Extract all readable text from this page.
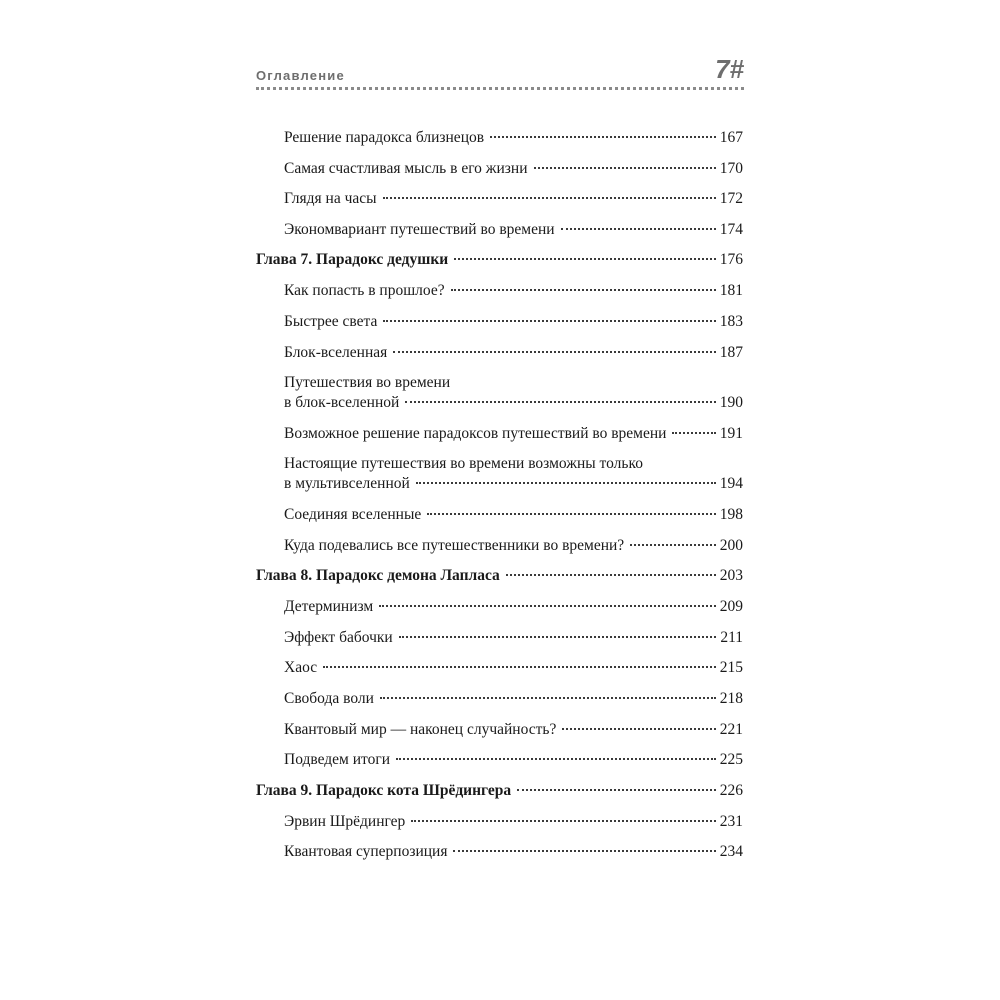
Оглавление	7#
Решение парадокса близнецов	167
Самая счастливая мысль в его жизни	170
Глядя на часы	172
Экономвариант путешествий во времени	174
Глава 7. Парадокс дедушки	176
Как попасть в прошлое?	181
Быстрее света	183
Блок-вселенная	187
Путешествия во времени
в блок-вселенной	190
Возможное решение парадоксов путешествий во времени	191
Настоящие путешествия во времени возможны только
в мультивселенной	194
Соединяя вселенные	198
Куда подевались все путешественники во времени?	200
Глава 8. Парадокс демона Лапласа	203
Детерминизм	209
Эффект бабочки	211
Хаос	215
Свобода воли	218
Квантовый мир — наконец случайность?	221
Подведем итоги	225
Глава 9. Парадокс кота Шрёдингера	226
Эрвин Шрёдингер	231
Квантовая суперпозиция	234
